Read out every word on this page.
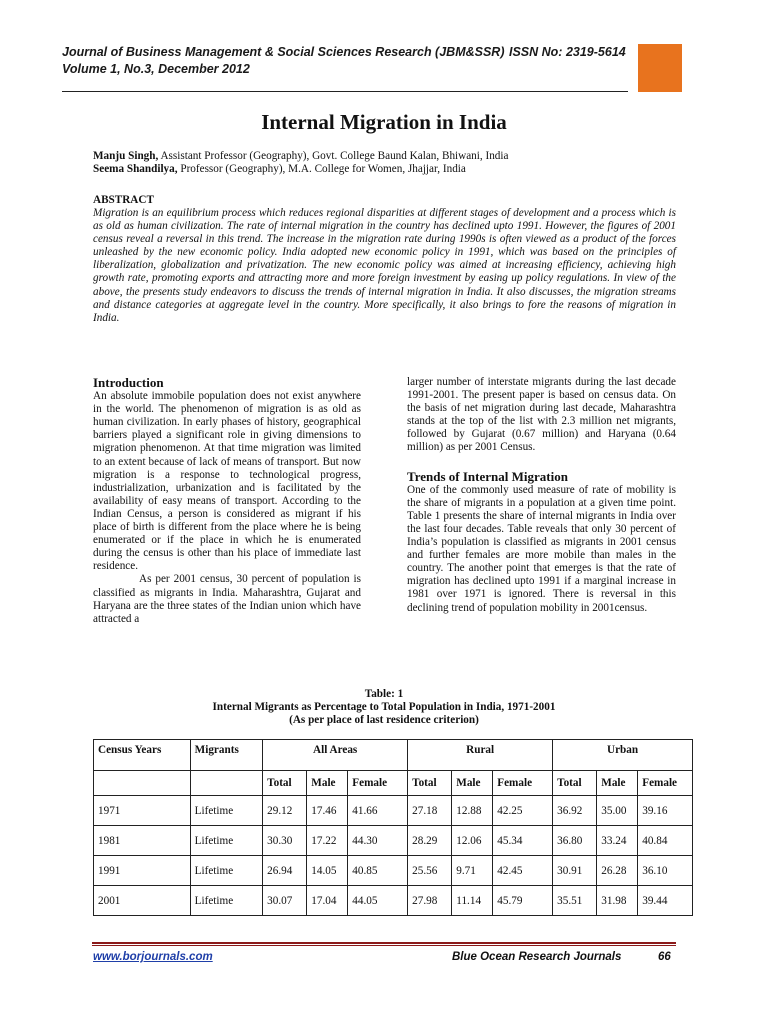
Journal of Business Management & Social Sciences Research (JBM&SSR) ISSN No: 2319-5614
Volume 1, No.3, December 2012
Internal Migration in India
Manju Singh, Assistant Professor (Geography), Govt. College Baund Kalan, Bhiwani, India
Seema Shandilya, Professor (Geography), M.A. College for Women, Jhajjar, India
ABSTRACT
Migration is an equilibrium process which reduces regional disparities at different stages of development and a process which is as old as human civilization. The rate of internal migration in the country has declined upto 1991. However, the figures of 2001 census reveal a reversal in this trend. The increase in the migration rate during 1990s is often viewed as a product of the forces unleashed by the new economic policy. India adopted new economic policy in 1991, which was based on the principles of liberalization, globalization and privatization. The new economic policy was aimed at increasing efficiency, achieving high growth rate, promoting exports and attracting more and more foreign investment by easing up policy regulations. In view of the above, the presents study endeavors to discuss the trends of internal migration in India. It also discusses, the migration streams and distance categories at aggregate level in the country. More specifically, it also brings to fore the reasons of migration in India.
Introduction

An absolute immobile population does not exist anywhere in the world. The phenomenon of migration is as old as human civilization. In early phases of history, geographical barriers played a significant role in giving dimensions to migration phenomenon. At that time migration was limited to an extent because of lack of means of transport. But now migration is a response to technological progress, industrialization, urbanization and is facilitated by the availability of easy means of transport. According to the Indian Census, a person is considered as migrant if his place of birth is different from the place where he is being enumerated or if the place in which he is enumerated during the census is other than his place of immediate last residence.

As per 2001 census, 30 percent of population is classified as migrants in India. Maharashtra, Gujarat and Haryana are the three states of the Indian union which have attracted a

larger number of interstate migrants during the last decade 1991-2001. The present paper is based on census data. On the basis of net migration during last decade, Maharashtra stands at the top of the list with 2.3 million net migrants, followed by Gujarat (0.67 million) and Haryana (0.64 million) as per 2001 Census.

Trends of Internal Migration

One of the commonly used measure of rate of mobility is the share of migrants in a population at a given time point. Table 1 presents the share of internal migrants in India over the last four decades. Table reveals that only 30 percent of India’s population is classified as migrants in 2001 census and further females are more mobile than males in the country. The another point that emerges is that the rate of migration has declined upto 1991 if a marginal increase in 1981 over 1971 is ignored. There is reversal in this declining trend of population mobility in 2001census.

Table: 1
Internal Migrants as Percentage to Total Population in India, 1971-2001
(As per place of last residence criterion)
Census Years	Migrants	All Areas			Rural			Urban		
		Total	Male	Female	Total	Male	Female	Total	Male	Female
1971	Lifetime	29.12	17.46	41.66	27.18	12.88	42.25	36.92	35.00	39.16
1981	Lifetime	30.30	17.22	44.30	28.29	12.06	45.34	36.80	33.24	40.84
1991	Lifetime	26.94	14.05	40.85	25.56	9.71	42.45	30.91	26.28	36.10
2001	Lifetime	30.07	17.04	44.05	27.98	11.14	45.79	35.51	31.98	39.44
www.borjournals.com	Blue Ocean Research Journals	66
